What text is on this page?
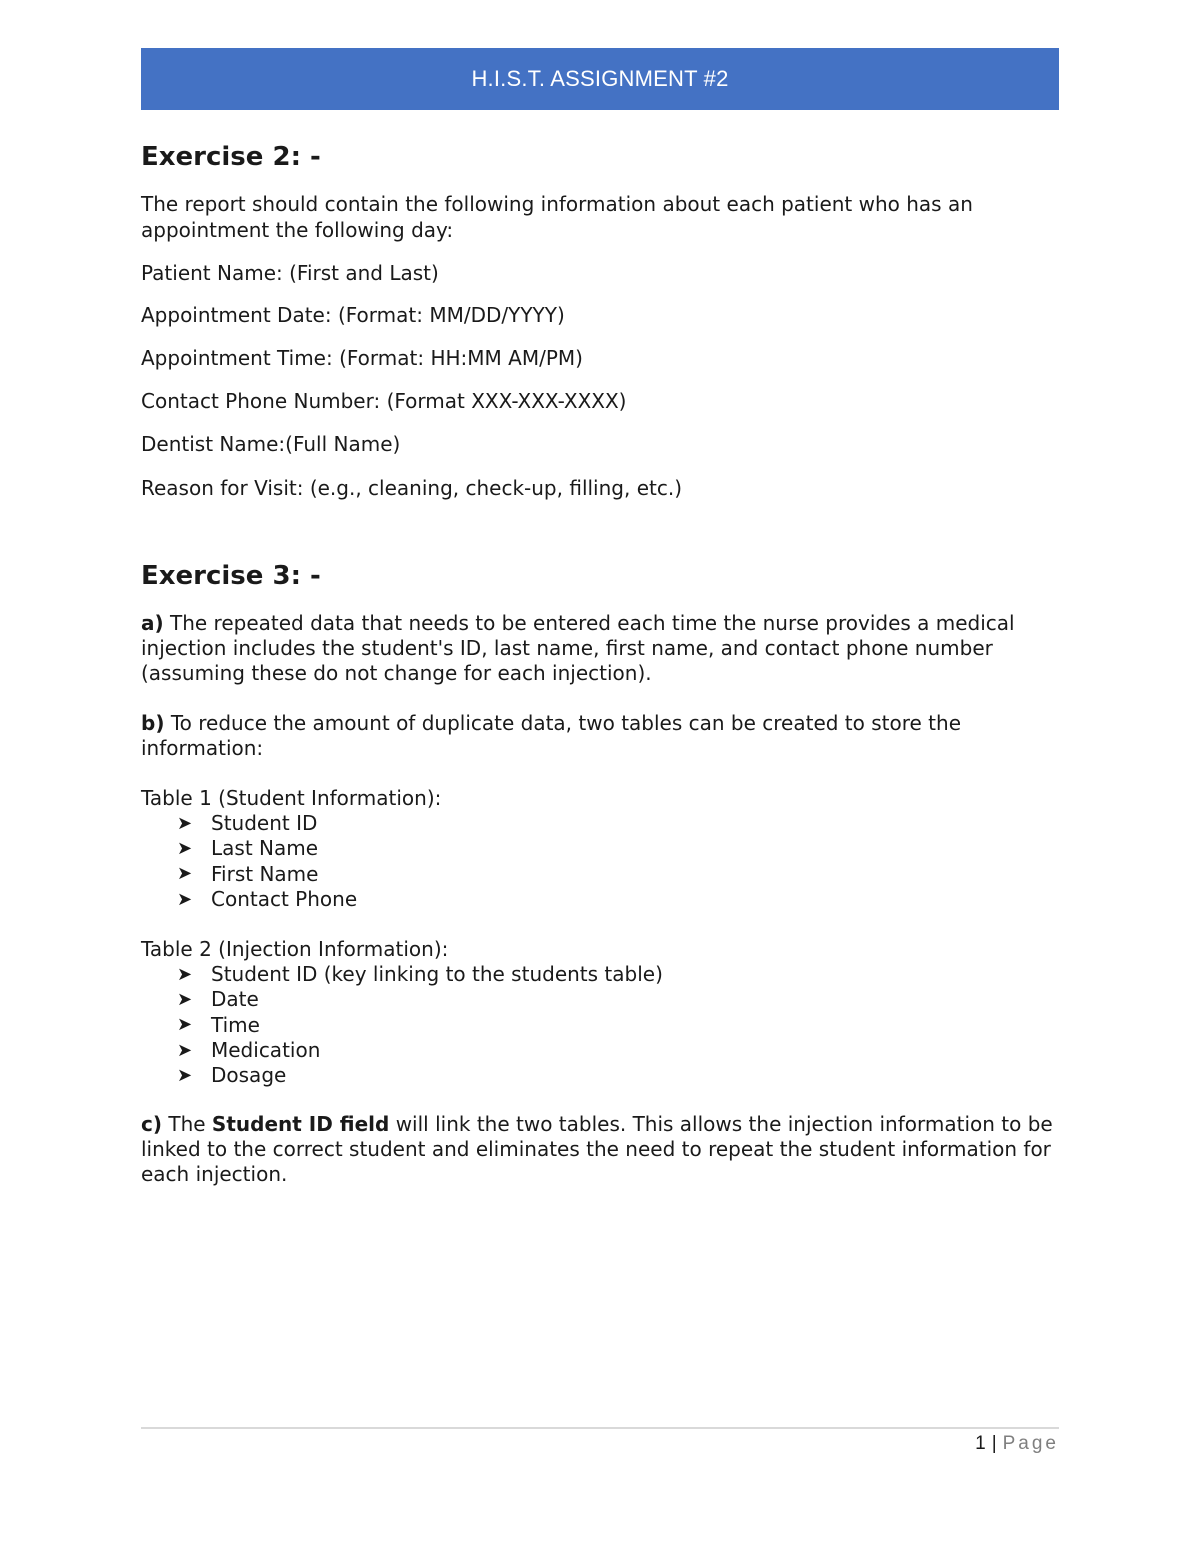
H.I.S.T. ASSIGNMENT #2
Exercise 2: -
The report should contain the following information about each patient who has an appointment the following day:
Patient Name: (First and Last)
Appointment Date: (Format: MM/DD/YYYY)
Appointment Time: (Format: HH:MM AM/PM)
Contact Phone Number: (Format XXX-XXX-XXXX)
Dentist Name:(Full Name)
Reason for Visit: (e.g., cleaning, check-up, filling, etc.)
Exercise 3: -
a) The repeated data that needs to be entered each time the nurse provides a medical injection includes the student's ID, last name, first name, and contact phone number (assuming these do not change for each injection).
b) To reduce the amount of duplicate data, two tables can be created to store the information:
Table 1 (Student Information):
➤ Student ID
➤ Last Name
➤ First Name
➤ Contact Phone
Table 2 (Injection Information):
➤ Student ID (key linking to the students table)
➤ Date
➤ Time
➤ Medication
➤ Dosage
c) The Student ID field will link the two tables. This allows the injection information to be linked to the correct student and eliminates the need to repeat the student information for each injection.
1 | Page
